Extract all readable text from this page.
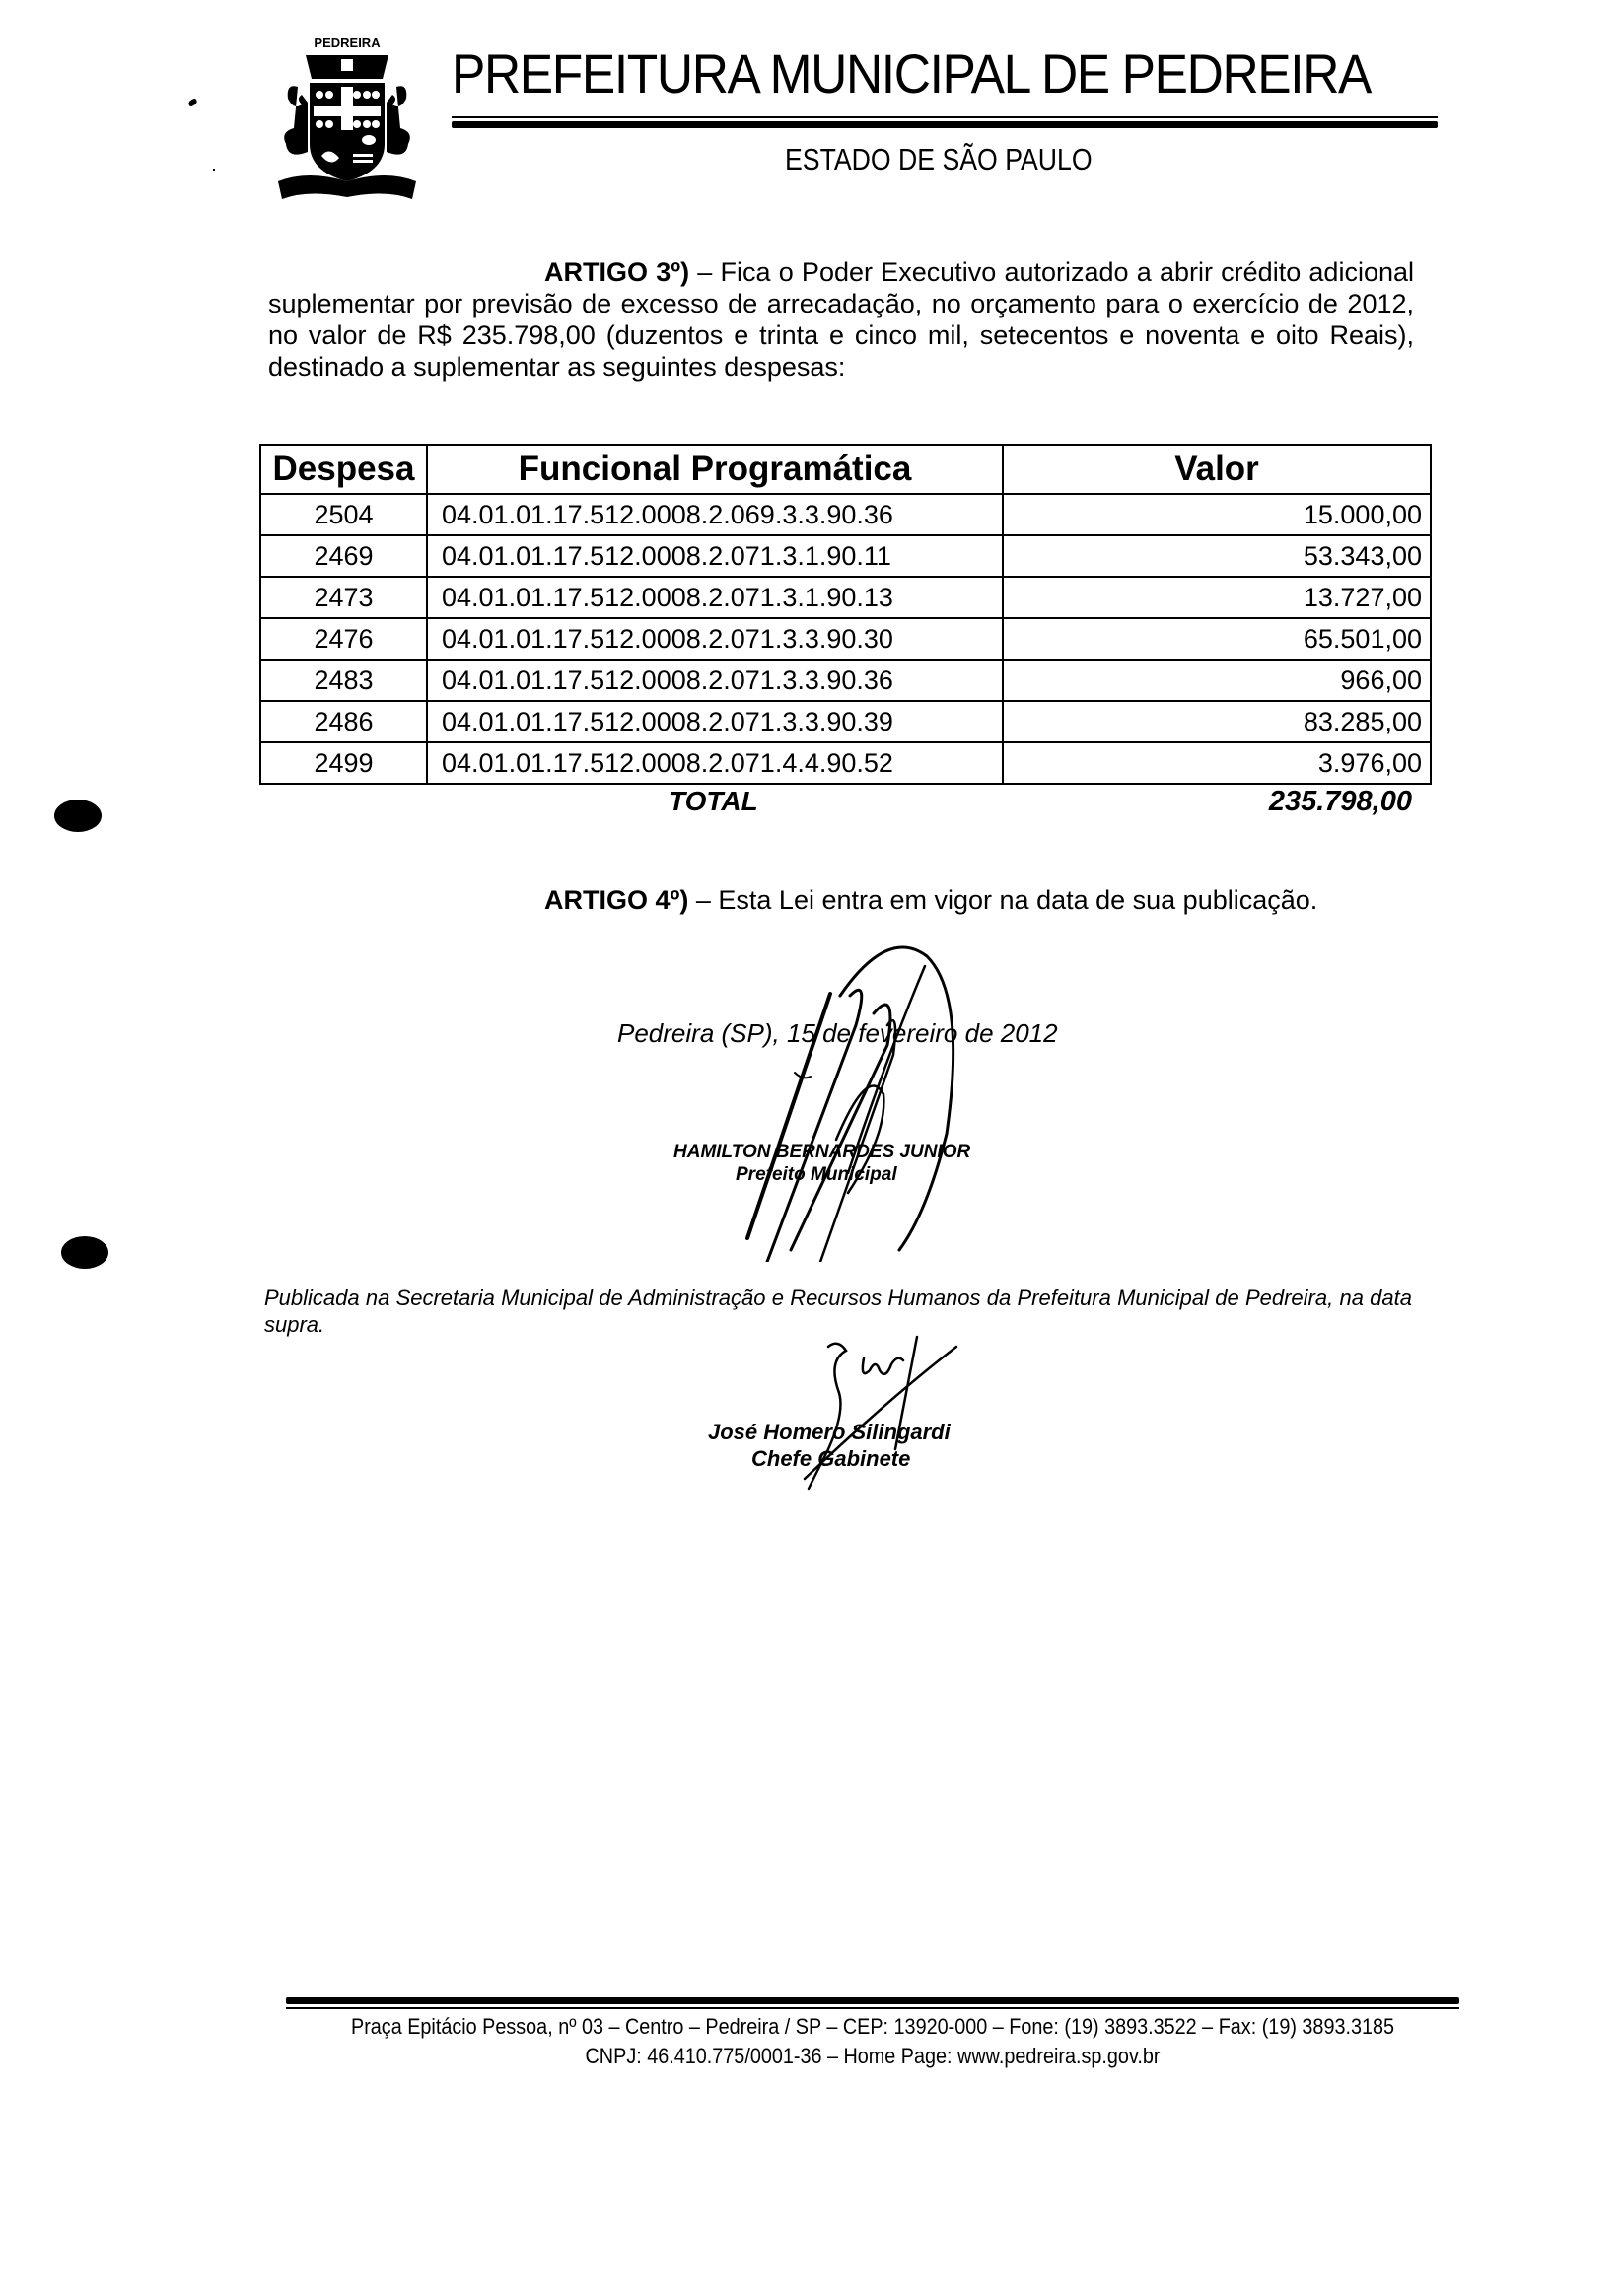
PEDREIRA PREFEITURA MUNICIPAL DE PEDREIRA
ESTADO DE SÃO PAULO
ARTIGO 3º) – Fica o Poder Executivo autorizado a abrir crédito adicional suplementar por previsão de excesso de arrecadação, no orçamento para o exercício de 2012, no valor de R$ 235.798,00 (duzentos e trinta e cinco mil, setecentos e noventa e oito Reais), destinado a suplementar as seguintes despesas:
Despesa	Funcional Programática	Valor
2504	04.01.01.17.512.0008.2.069.3.3.90.36	15.000,00
2469	04.01.01.17.512.0008.2.071.3.1.90.11	53.343,00
2473	04.01.01.17.512.0008.2.071.3.1.90.13	13.727,00
2476	04.01.01.17.512.0008.2.071.3.3.90.30	65.501,00
2483	04.01.01.17.512.0008.2.071.3.3.90.36	966,00
2486	04.01.01.17.512.0008.2.071.3.3.90.39	83.285,00
2499	04.01.01.17.512.0008.2.071.4.4.90.52	3.976,00
TOTAL	235.798,00
ARTIGO 4º) – Esta Lei entra em vigor na data de sua publicação.
Pedreira (SP), 15 de fevereiro de 2012
HAMILTON BERNARDES JUNIOR
Prefeito Municipal
Publicada na Secretaria Municipal de Administração e Recursos Humanos da Prefeitura Municipal de Pedreira, na data supra.
José Homero Silingardi
Chefe Gabinete
Praça Epitácio Pessoa, nº 03 – Centro – Pedreira / SP – CEP: 13920-000 – Fone: (19) 3893.3522 – Fax: (19) 3893.3185
CNPJ: 46.410.775/0001-36 – Home Page: www.pedreira.sp.gov.br
